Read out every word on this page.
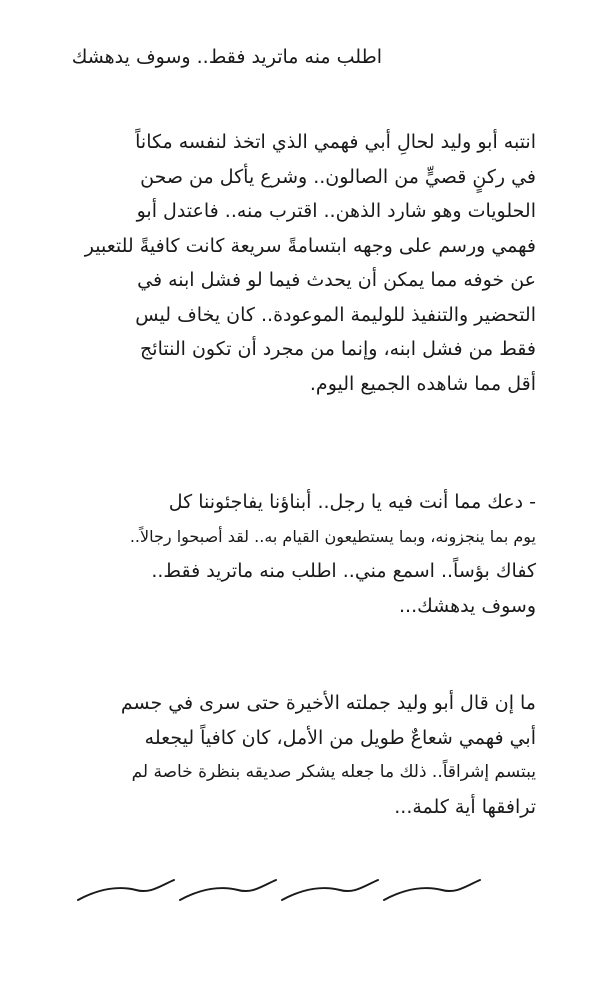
اطلب منه ماتريد فقط.. وسوف يدهشك
انتبه أبو وليد لحالِ أبي فهمي الذي اتخذ لنفسه مكاناً
في ركنٍ قصيٍّ من الصالون.. وشرع يأكل من صحن
الحلويات وهو شارد الذهن.. اقترب منه.. فاعتدل أبو
فهمي ورسم على وجهه ابتسامةً سريعة كانت كافيةً للتعبير
عن خوفه مما يمكن أن يحدث فيما لو فشل ابنه في
التحضير والتنفيذ للوليمة الموعودة.. كان يخاف ليس
فقط من فشل ابنه، وإنما من مجرد أن تكون النتائج
أقل مما شاهده الجميع اليوم.
- دعك مما أنت فيه يا رجل.. أبناؤنا يفاجئوننا كل
يوم بما ينجزونه، وبما يستطيعون القيام به.. لقد أصبحوا رجالاً..
كفاك بؤساً.. اسمع مني.. اطلب منه ماتريد فقط..
وسوف يدهشك...
ما إن قال أبو وليد جملته الأخيرة حتى سرى في جسم
أبي فهمي شعاعٌ طويل من الأمل، كان كافياً ليجعله
يبتسم إشراقاً.. ذلك ما جعله يشكر صديقه بنظرة خاصة لم
ترافقها أية كلمة...
